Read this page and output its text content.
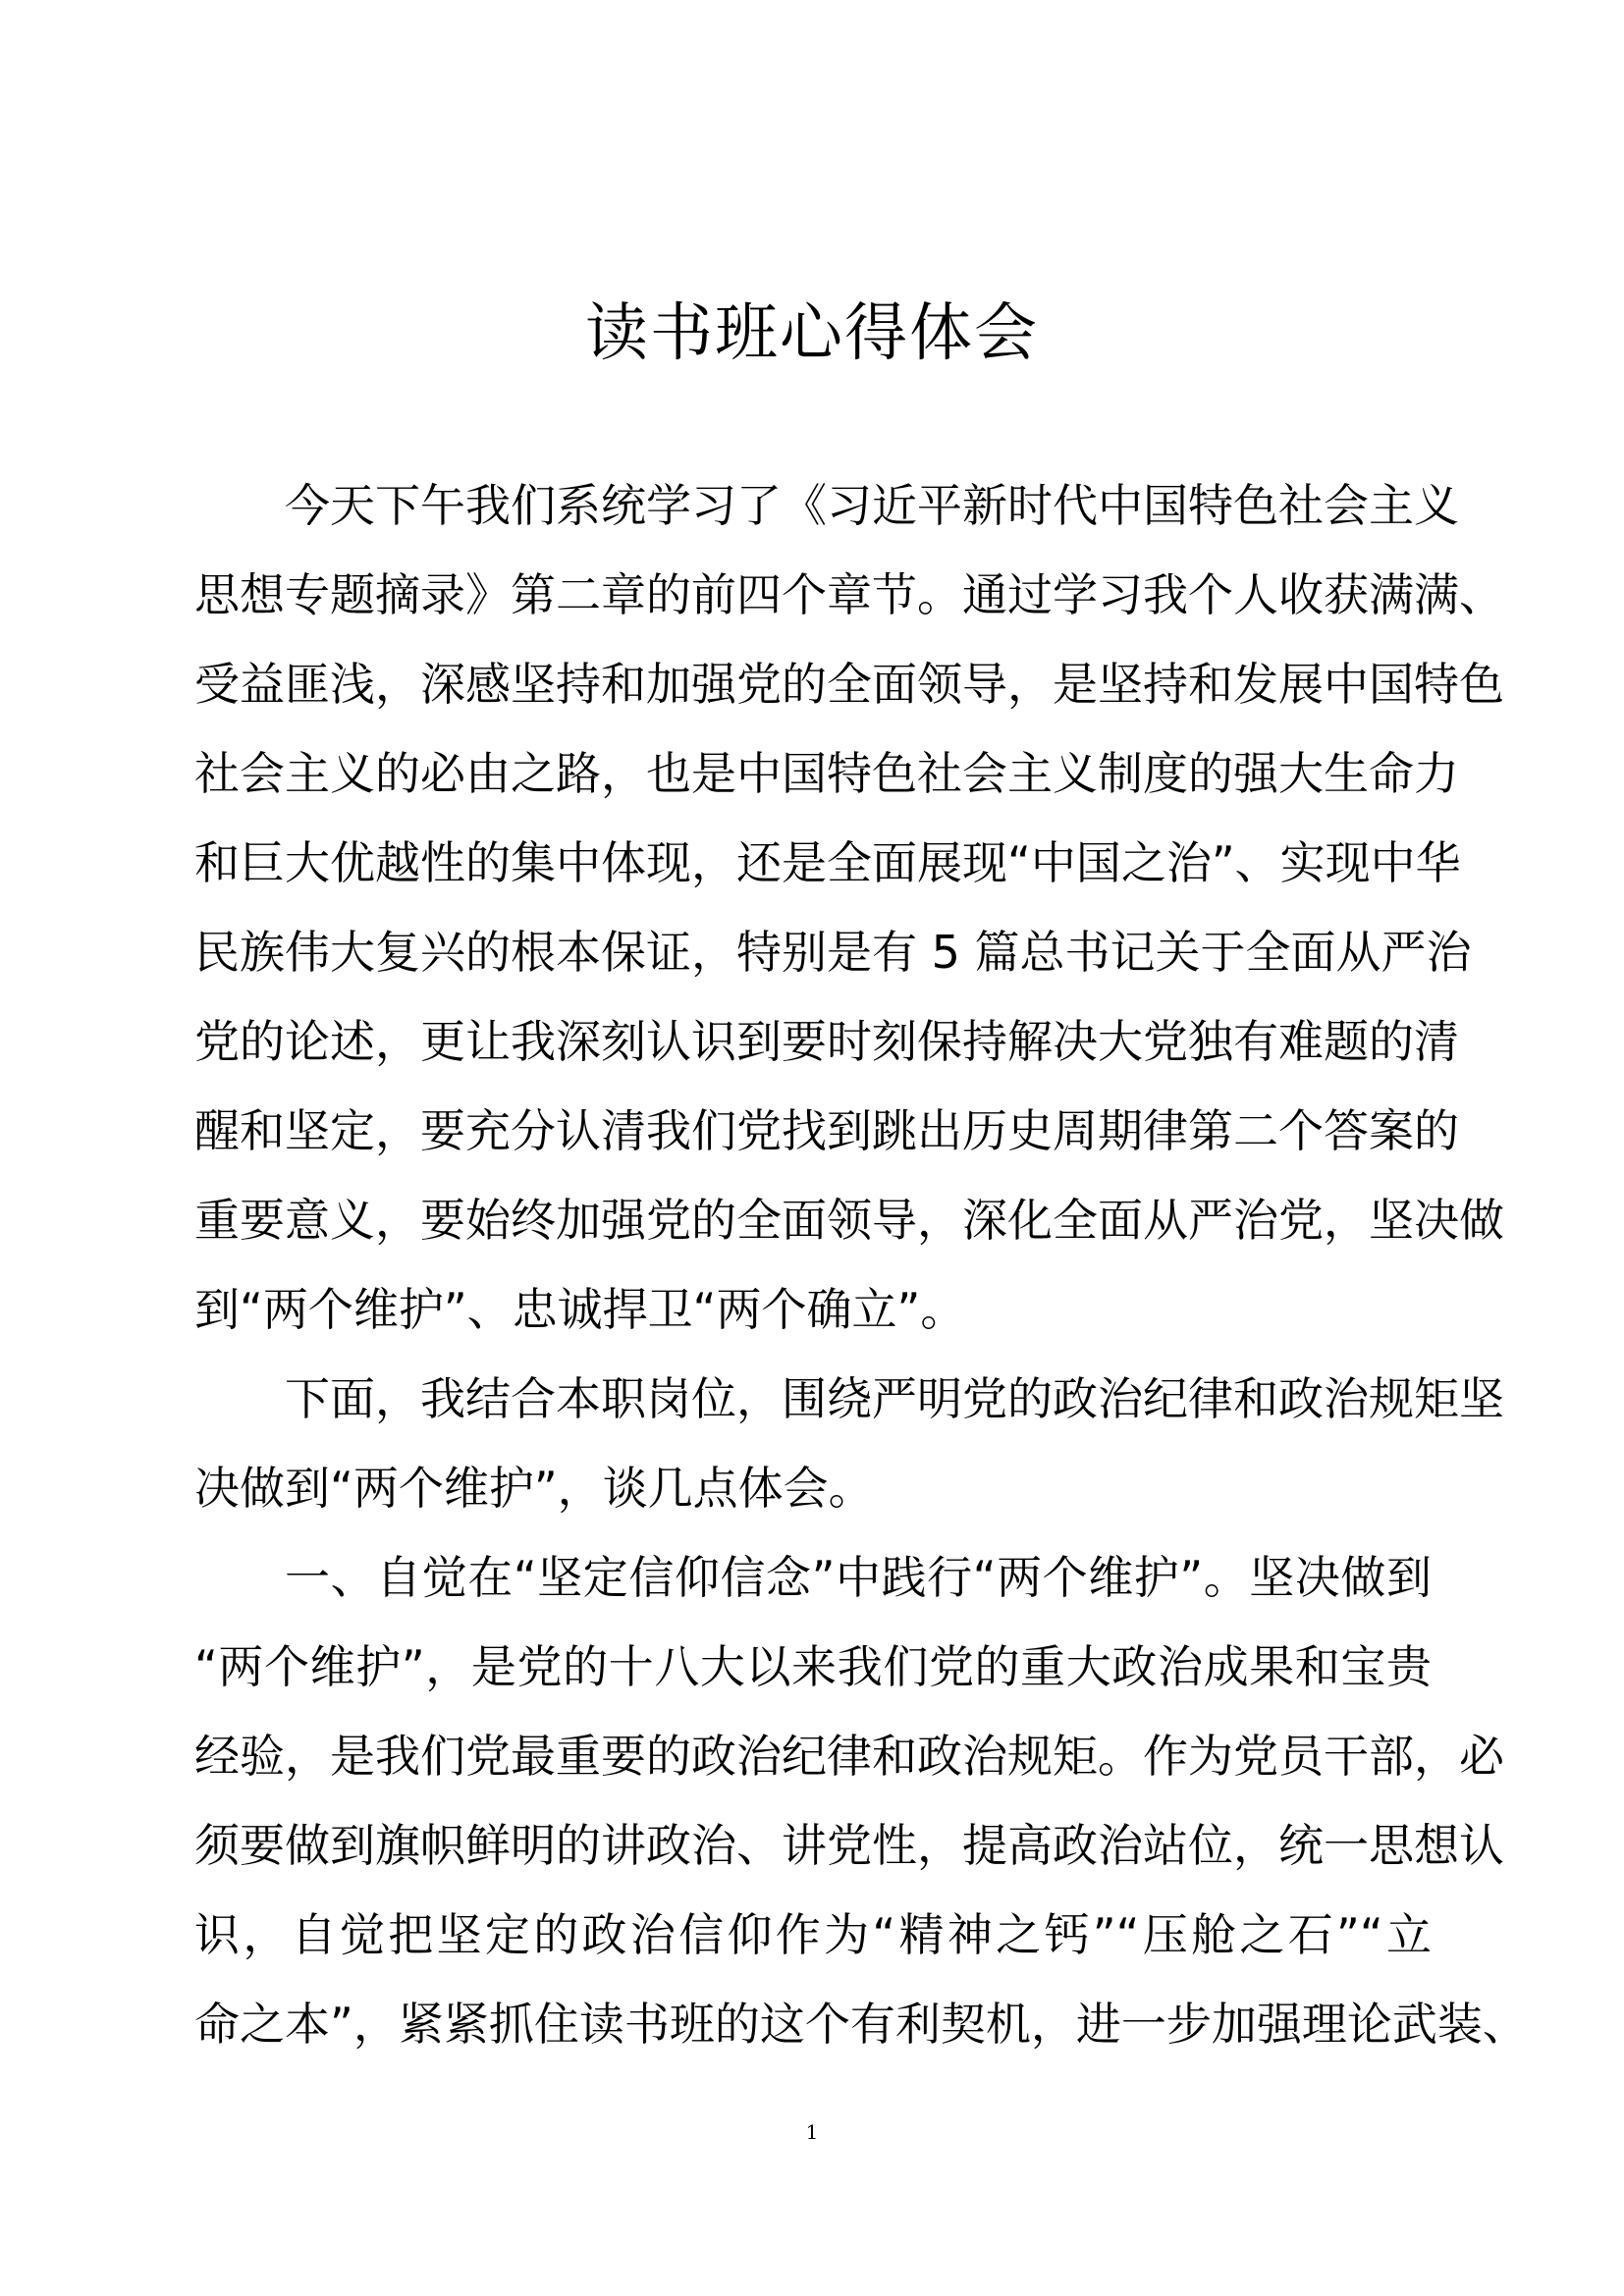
读书班心得体会
今天下午我们系统学习了《习近平新时代中国特色社会主义
思想专题摘录》第二章的前四个章节。通过学习我个人收获满满、
受益匪浅，深感坚持和加强党的全面领导，是坚持和发展中国特色
社会主义的必由之路，也是中国特色社会主义制度的强大生命力
和巨大优越性的集中体现，还是全面展现“中国之治”、实现中华
民族伟大复兴的根本保证，特别是有 5 篇总书记关于全面从严治
党的论述，更让我深刻认识到要时刻保持解决大党独有难题的清
醒和坚定，要充分认清我们党找到跳出历史周期律第二个答案的
重要意义，要始终加强党的全面领导，深化全面从严治党，坚决做
到“两个维护”、忠诚捍卫“两个确立”。
下面，我结合本职岗位，围绕严明党的政治纪律和政治规矩坚
决做到“两个维护”，谈几点体会。
一、自觉在“坚定信仰信念”中践行“两个维护”。坚决做到
“两个维护”，是党的十八大以来我们党的重大政治成果和宝贵
经验，是我们党最重要的政治纪律和政治规矩。作为党员干部，必
须要做到旗帜鲜明的讲政治、讲党性，提高政治站位，统一思想认
识，自觉把坚定的政治信仰作为“精神之钙”“压舱之石”“立
命之本”，紧紧抓住读书班的这个有利契机，进一步加强理论武装、
1
